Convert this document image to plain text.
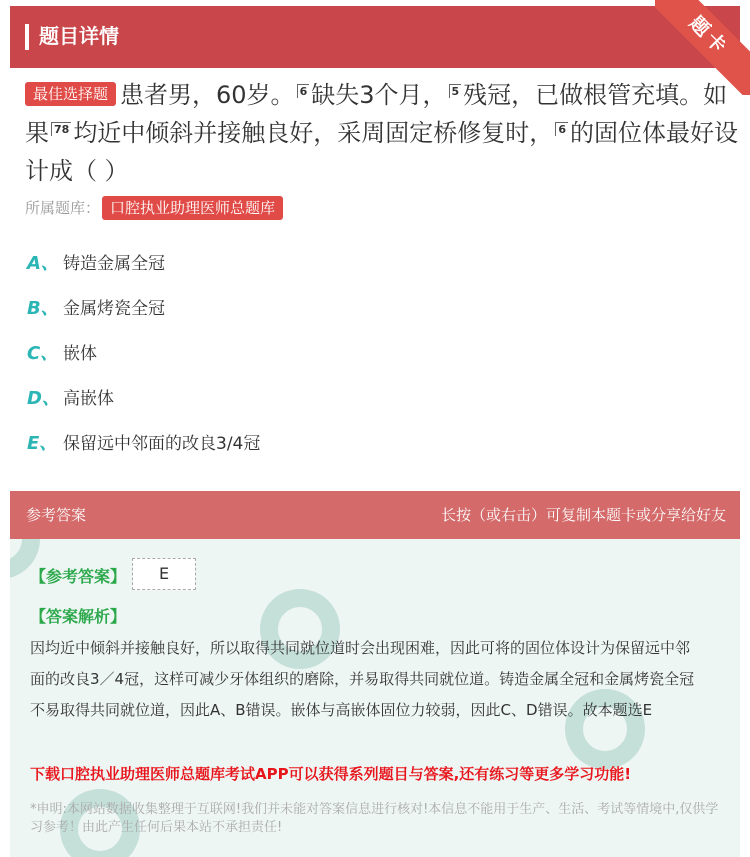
题目详情	题卡
最佳选择题 患者男，60岁。 6 缺失3个月， 5 残冠，已做根管充填。如果 78 均近中倾斜并接触良好，采周固定桥修复时， 6 的固位体最好设计成（ ）
所属题库： 口腔执业助理医师总题库
A、 铸造金属全冠
B、 金属烤瓷全冠
C、 嵌体
D、 高嵌体
E、 保留远中邻面的改良3/4冠
参考答案	长按（或右击）可复制本题卡或分享给好友
【参考答案】	E
【答案解析】
因均近中倾斜并接触良好，所以取得共同就位道时会出现困难，因此可将的固位体设计为保留远中邻面的改良3／4冠，这样可减少牙体组织的磨除，并易取得共同就位道。铸造金属全冠和金属烤瓷全冠不易取得共同就位道，因此A、B错误。嵌体与高嵌体固位力较弱，因此C、D错误。故本题选E
下载口腔执业助理医师总题库考试APP可以获得系列题目与答案,还有练习等更多学习功能!
*申明:本网站数据收集整理于互联网!我们并未能对答案信息进行核对!本信息不能用于生产、生活、考试等情境中,仅供学习参考！由此产生任何后果本站不承担责任!
